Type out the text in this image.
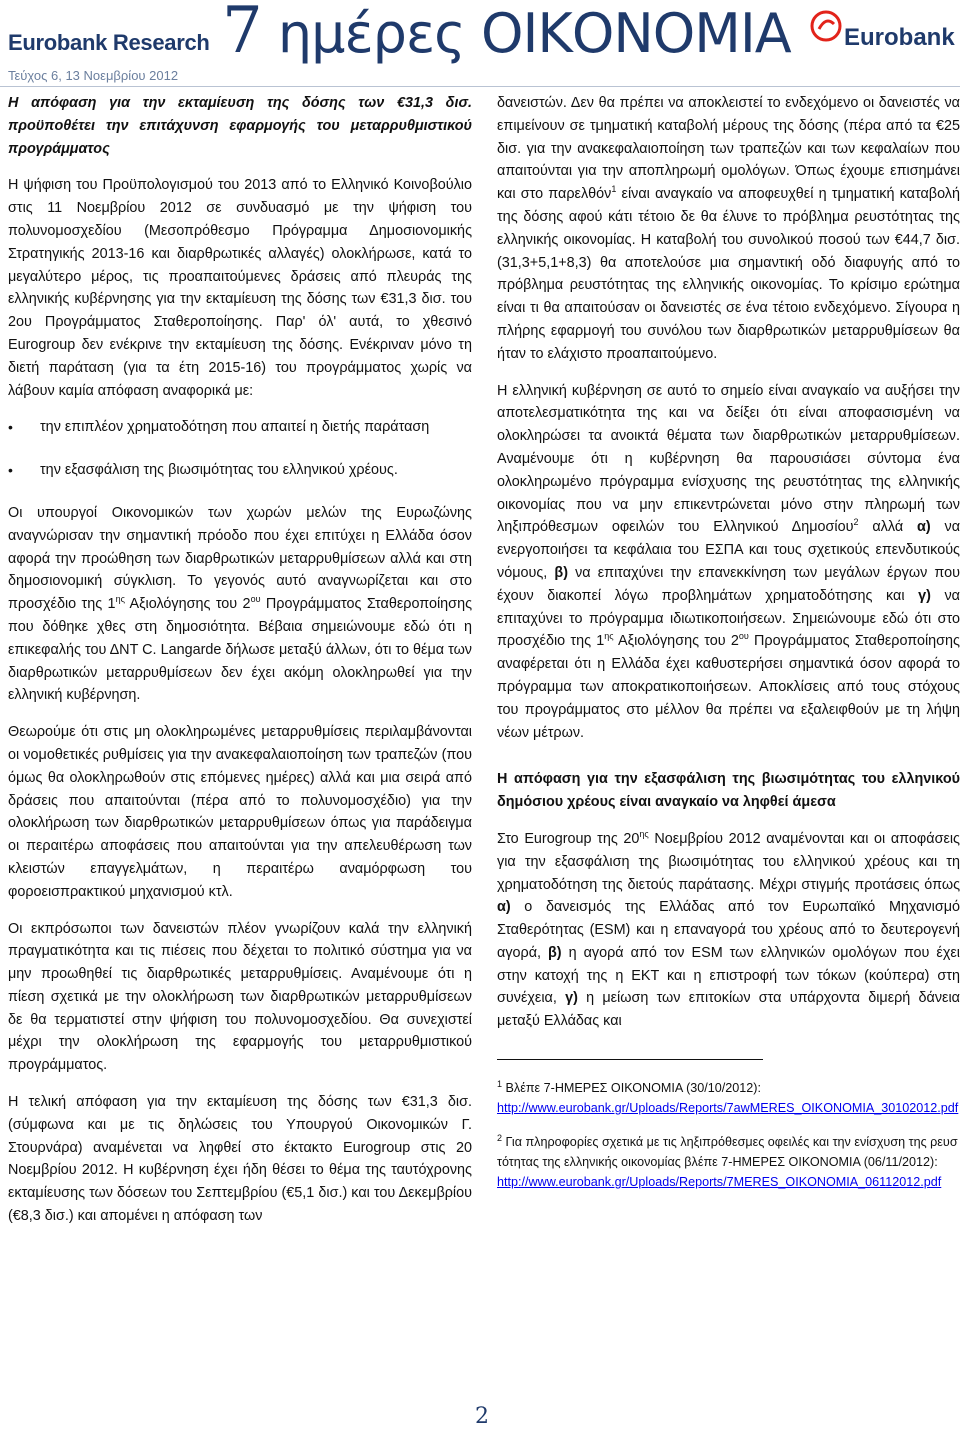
Eurobank Research
Τεύχος 6, 13 Νοεμβρίου 2012
7 ημέρες ΟΙΚΟΝΟΜΙΑ Eurobank

Η απόφαση για την εκταμίευση της δόσης των €31,3 δισ. προϋποθέτει την επιτάχυνση εφαρμογής του μεταρρυθμιστικού προγράμματος

Η ψήφιση του Προϋπολογισμού του 2013 από το Ελληνικό Κοινοβούλιο στις 11 Νοεμβρίου 2012 σε συνδυασμό με την ψήφιση του πολυνομοσχεδίου (Μεσοπρόθεσμο Πρόγραμμα Δημοσιονομικής Στρατηγικής 2013-16 και διαρθρωτικές αλλαγές) ολοκλήρωσε, κατά το μεγαλύτερο μέρος, τις προαπαιτούμενες δράσεις από πλευράς της ελληνικής κυβέρνησης για την εκταμίευση της δόσης των €31,3 δισ. του 2ου Προγράμματος Σταθεροποίησης. Παρ' όλ' αυτά, το χθεσινό Eurogroup δεν ενέκρινε την εκταμίευση της δόσης. Ενέκριναν μόνο τη διετή παράταση (για τα έτη 2015-16) του προγράμματος χωρίς να λάβουν καμία απόφαση αναφορικά με:

• την επιπλέον χρηματοδότηση που απαιτεί η διετής παράταση
• την εξασφάλιση της βιωσιμότητας του ελληνικού χρέους.

Οι υπουργοί Οικονομικών των χωρών μελών της Ευρωζώνης αναγνώρισαν την σημαντική πρόοδο που έχει επιτύχει η Ελλάδα όσον αφορά την προώθηση των διαρθρωτικών μεταρρυθμίσεων αλλά και στη δημοσιονομική σύγκλιση. Το γεγονός αυτό αναγνωρίζεται και στο προσχέδιο της $1^{\eta\varsigma}$ Αξιολόγησης του $2^{o\upsilon}$ Προγράμματος Σταθεροποίησης που δόθηκε χθες στη δημοσιότητα. Βέβαια σημειώνουμε εδώ ότι η επικεφαλής του ΔΝΤ C. Langarde δήλωσε μεταξύ άλλων, ότι το θέμα των διαρθρωτικών μεταρρυθμίσεων δεν έχει ακόμη ολοκληρωθεί για την ελληνική κυβέρνηση.

Θεωρούμε ότι στις μη ολοκληρωμένες μεταρρυθμίσεις περιλαμβάνονται οι νομοθετικές ρυθμίσεις για την ανακεφαλαιοποίηση των τραπεζών (που όμως θα ολοκληρωθούν στις επόμενες ημέρες) αλλά και μια σειρά από δράσεις που απαιτούνται (πέρα από το πολυνομοσχέδιο) για την ολοκλήρωση των διαρθρωτικών μεταρρυθμίσεων όπως για παράδειγμα οι περαιτέρω αποφάσεις που απαιτούνται για την απελευθέρωση των κλειστών επαγγελμάτων, η περαιτέρω αναμόρφωση του φοροεισπρακτικού μηχανισμού κτλ.

Οι εκπρόσωποι των δανειστών πλέον γνωρίζουν καλά την ελληνική πραγματικότητα και τις πιέσεις που δέχεται το πολιτικό σύστημα για να μην προωθηθεί τις διαρθρωτικές μεταρρυθμίσεις. Αναμένουμε ότι η πίεση σχετικά με την ολοκλήρωση των διαρθρωτικών μεταρρυθμίσεων δε θα τερματιστεί στην ψήφιση του πολυνομοσχεδίου. Θα συνεχιστεί μέχρι την ολοκλήρωση της εφαρμογής του μεταρρυθμιστικού προγράμματος.

Η τελική απόφαση για την εκταμίευση της δόσης των €31,3 δισ. (σύμφωνα και με τις δηλώσεις του Υπουργού Οικονομικών Γ. Στουρνάρα) αναμένεται να ληφθεί στο έκτακτο Eurogroup στις 20 Νοεμβρίου 2012. Η κυβέρνηση έχει ήδη θέσει το θέμα της ταυτόχρονης εκταμίευσης των δόσεων του Σεπτεμβρίου (€5,1 δισ.) και του Δεκεμβρίου (€8,3 δισ.) και απομένει η απόφαση των

δανειστών. Δεν θα πρέπει να αποκλειστεί το ενδεχόμενο οι δανειστές να επιμείνουν σε τμηματική καταβολή μέρους της δόσης (πέρα από τα €25 δισ. για την ανακεφαλαιοποίηση των τραπεζών και των κεφαλαίων που απαιτούνται για την αποπληρωμή ομολόγων. Όπως έχουμε επισημάνει και στο παρελθόν$^1$ είναι αναγκαίο να αποφευχθεί η τμηματική καταβολή της δόσης αφού κάτι τέτοιο δε θα έλυνε το πρόβλημα ρευστότητας της ελληνικής οικονομίας. Η καταβολή του συνολικού ποσού των €44,7 δισ. (31,3+5,1+8,3) θα αποτελούσε μια σημαντική οδό διαφυγής από το πρόβλημα ρευστότητας της ελληνικής οικονομίας. Το κρίσιμο ερώτημα είναι τι θα απαιτούσαν οι δανειστές σε ένα τέτοιο ενδεχόμενο. Σίγουρα η πλήρης εφαρμογή του συνόλου των διαρθρωτικών μεταρρυθμίσεων θα ήταν το ελάχιστο προαπαιτούμενο.

Η ελληνική κυβέρνηση σε αυτό το σημείο είναι αναγκαίο να αυξήσει την αποτελεσματικότητα της και να δείξει ότι είναι αποφασισμένη να ολοκληρώσει τα ανοικτά θέματα των διαρθρωτικών μεταρρυθμίσεων. Αναμένουμε ότι η κυβέρνηση θα παρουσιάσει σύντομα ένα ολοκληρωμένο πρόγραμμα ενίσχυσης της ρευστότητας της ελληνικής οικονομίας που να μην επικεντρώνεται μόνο στην πληρωμή των ληξιπρόθεσμων οφειλών του Ελληνικού Δημοσίου$^2$ αλλά α) να ενεργοποιήσει τα κεφάλαια του ΕΣΠΑ και τους σχετικούς επενδυτικούς νόμους, β) να επιταχύνει την επανεκκίνηση των μεγάλων έργων που έχουν διακοπεί λόγω προβλημάτων χρηματοδότησης και γ) να επιταχύνει το πρόγραμμα ιδιωτικοποιήσεων. Σημειώνουμε εδώ ότι στο προσχέδιο της $1^{\eta\varsigma}$ Αξιολόγησης του $2^{o\upsilon}$ Προγράμματος Σταθεροποίησης αναφέρεται ότι η Ελλάδα έχει καθυστερήσει σημαντικά όσον αφορά το πρόγραμμα των αποκρατικοποιήσεων. Αποκλίσεις από τους στόχους του προγράμματος στο μέλλον θα πρέπει να εξαλειφθούν με τη λήψη νέων μέτρων.

Η απόφαση για την εξασφάλιση της βιωσιμότητας του ελληνικού δημόσιου χρέους είναι αναγκαίο να ληφθεί άμεσα

Στο Eurogroup της $20^{\eta\varsigma}$ Νοεμβρίου 2012 αναμένονται και οι αποφάσεις για την εξασφάλιση της βιωσιμότητας του ελληνικού χρέους και τη χρηματοδότηση της διετούς παράτασης. Μέχρι στιγμής προτάσεις όπως α) ο δανεισμός της Ελλάδας από τον Ευρωπαϊκό Μηχανισμό Σταθερότητας (ESM) και η επαναγορά του χρέους από το δευτερογενή αγορά, β) η αγορά από τον ESM των ελληνικών ομολόγων που έχει στην κατοχή της η ΕΚΤ και η επιστροφή των τόκων (κούπερα) στη συνέχεια, γ) η μείωση των επιτοκίων στα υπάρχοντα διμερή δάνεια μεταξύ Ελλάδας και

$^1$ Βλέπε 7-ΗΜΕΡΕΣ ΟΙΚΟΝΟΜΙΑ (30/10/2012):
http://www.eurobank.gr/Uploads/Reports/7awMERES_OIKONOMIA_30102012.pdf

$^2$ Για πληροφορίες σχετικά με τις ληξιπρόθεσμες οφειλές και την ενίσχυση της ρευστότητας της ελληνικής οικονομίας βλέπε 7-ΗΜΕΡΕΣ ΟΙΚΟΝΟΜΙΑ (06/11/2012):
http://www.eurobank.gr/Uploads/Reports/7MERES_OIKONOMIA_06112012.pdf

2
